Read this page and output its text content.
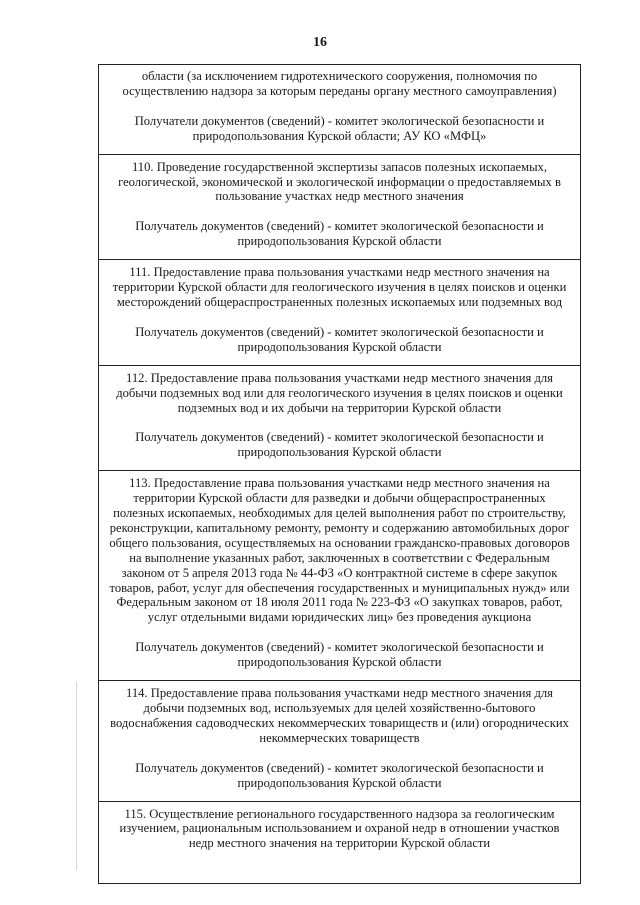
16

области (за исключением гидротехнического сооружения, полномочия по осуществлению надзора за которым переданы органу местного самоуправления)

Получатели документов (сведений) - комитет экологической безопасности и природопользования Курской области; АУ КО «МФЦ»

110. Проведение государственной экспертизы запасов полезных ископаемых, геологической, экономической и экологической информации о предоставляемых в пользование участках недр местного значения

Получатель документов (сведений) - комитет экологической безопасности и природопользования Курской области

111. Предоставление права пользования участками недр местного значения на территории Курской области для геологического изучения в целях поисков и оценки месторождений общераспространенных полезных ископаемых или подземных вод

Получатель документов (сведений) - комитет экологической безопасности и природопользования Курской области

112. Предоставление права пользования участками недр местного значения для добычи подземных вод или для геологического изучения в целях поисков и оценки подземных вод и их добычи на территории Курской области

Получатель документов (сведений) - комитет экологической безопасности и природопользования Курской области

113. Предоставление права пользования участками недр местного значения на территории Курской области для разведки и добычи общераспространенных полезных ископаемых, необходимых для целей выполнения работ по строительству, реконструкции, капитальному ремонту, ремонту и содержанию автомобильных дорог общего пользования, осуществляемых на основании гражданско-правовых договоров на выполнение указанных работ, заключенных в соответствии с Федеральным законом от 5 апреля 2013 года № 44-ФЗ «О контрактной системе в сфере закупок товаров, работ, услуг для обеспечения государственных и муниципальных нужд» или Федеральным законом от 18 июля 2011 года № 223-ФЗ «О закупках товаров, работ, услуг отдельными видами юридических лиц» без проведения аукциона

Получатель документов (сведений) - комитет экологической безопасности и природопользования Курской области

114. Предоставление права пользования участками недр местного значения для добычи подземных вод, используемых для целей хозяйственно-бытового водоснабжения садоводческих некоммерческих товариществ и (или) огороднических некоммерческих товариществ

Получатель документов (сведений) - комитет экологической безопасности и природопользования Курской области

115. Осуществление регионального государственного надзора за геологическим изучением, рациональным использованием и охраной недр в отношении участков недр местного значения на территории Курской области
